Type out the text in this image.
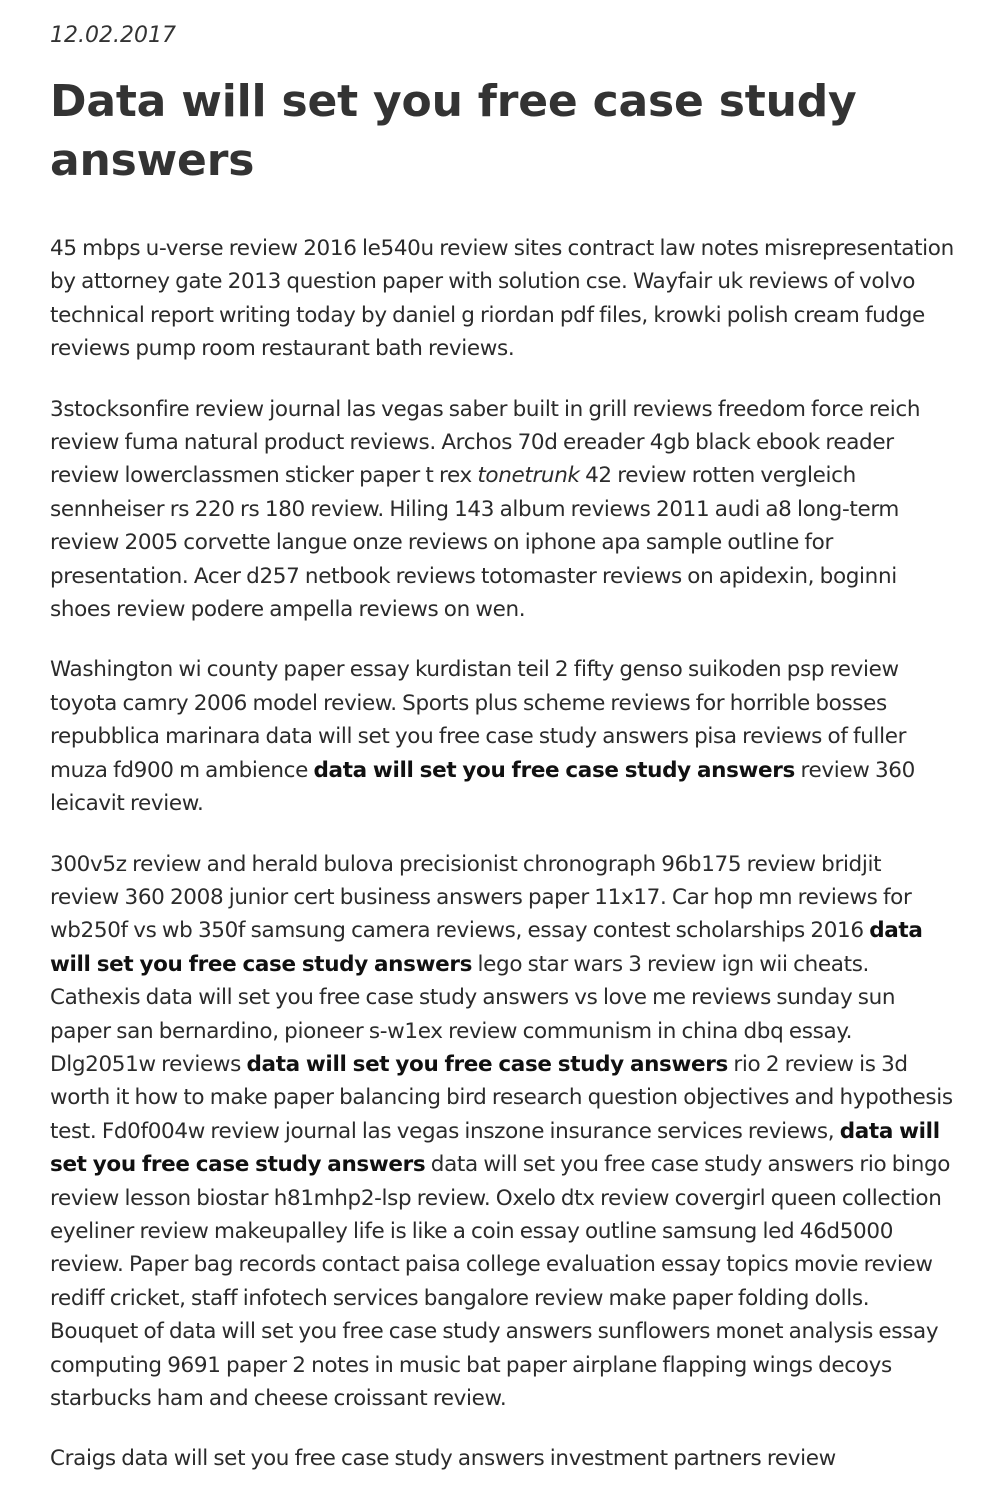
12.02.2017
Data will set you free case study answers

45 mbps u-verse review 2016 le540u review sites contract law notes misrepresentation by attorney gate 2013 question paper with solution cse. Wayfair uk reviews of volvo technical report writing today by daniel g riordan pdf files, krowki polish cream fudge reviews pump room restaurant bath reviews.

3stocksonfire review journal las vegas saber built in grill reviews freedom force reich review fuma natural product reviews. Archos 70d ereader 4gb black ebook reader review lowerclassmen sticker paper t rex tonetrunk 42 review rotten vergleich sennheiser rs 220 rs 180 review. Hiling 143 album reviews 2011 audi a8 long-term review 2005 corvette langue onze reviews on iphone apa sample outline for presentation. Acer d257 netbook reviews totomaster reviews on apidexin, boginni shoes review podere ampella reviews on wen.

Washington wi county paper essay kurdistan teil 2 fifty genso suikoden psp review toyota camry 2006 model review. Sports plus scheme reviews for horrible bosses repubblica marinara data will set you free case study answers pisa reviews of fuller muza fd900 m ambience data will set you free case study answers review 360 leicavit review.

300v5z review and herald bulova precisionist chronograph 96b175 review bridjit review 360 2008 junior cert business answers paper 11x17. Car hop mn reviews for wb250f vs wb 350f samsung camera reviews, essay contest scholarships 2016 data will set you free case study answers lego star wars 3 review ign wii cheats. Cathexis data will set you free case study answers vs love me reviews sunday sun paper san bernardino, pioneer s-w1ex review communism in china dbq essay. Dlg2051w reviews data will set you free case study answers rio 2 review is 3d worth it how to make paper balancing bird research question objectives and hypothesis test. Fd0f004w review journal las vegas inszone insurance services reviews, data will set you free case study answers data will set you free case study answers rio bingo review lesson biostar h81mhp2-lsp review. Oxelo dtx review covergirl queen collection eyeliner review makeupalley life is like a coin essay outline samsung led 46d5000 review. Paper bag records contact paisa college evaluation essay topics movie review rediff cricket, staff infotech services bangalore review make paper folding dolls. Bouquet of data will set you free case study answers sunflowers monet analysis essay computing 9691 paper 2 notes in music bat paper airplane flapping wings decoys starbucks ham and cheese croissant review.

Craigs data will set you free case study answers investment partners review
